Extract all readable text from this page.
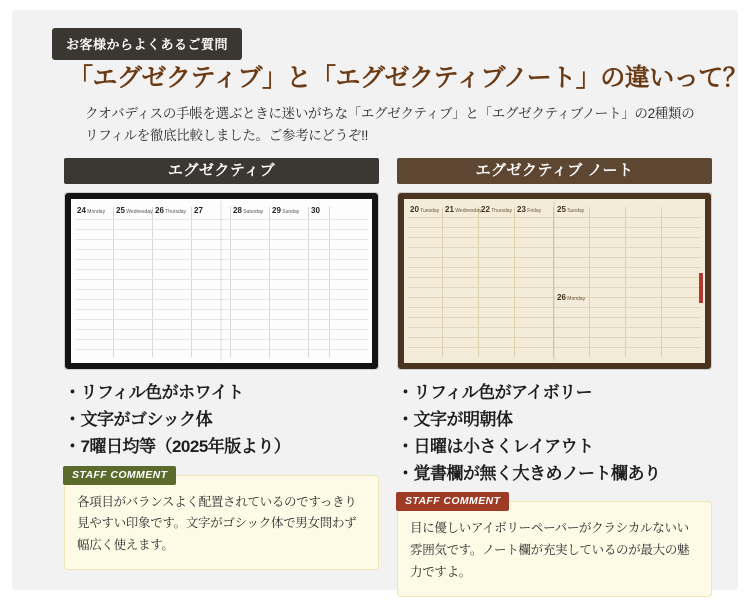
お客様からよくあるご質問
「エグゼクティブ」と「エグゼクティブノート」の違いって？
クオバディスの手帳を選ぶときに迷いがちな「エグゼクティブ」と「エグゼクティブノート」の2種類のリフィルを徹底比較しました。ご参考にどうぞ!!
エグゼクティブ
24 Monday 25 Wednesday 26 Thursday 27	28 Saturday 29 Sunday 30
・リフィル色がホワイト
・文字がゴシック体
・7曜日均等（2025年版より）
STAFF COMMENT
各項目がバランスよく配置されているのですっきり見やすい印象です。文字がゴシック体で男女問わず幅広く使えます。
エグゼクティブ ノート
20 Tuesday 21 Wednesday 22 Thursday 23 Friday 25 Sunday
26 Monday
・リフィル色がアイボリー
・文字が明朝体
・日曜は小さくレイアウト
・覚書欄が無く大きめノート欄あり
STAFF COMMENT
目に優しいアイボリーペーパーがクラシカルないい雰囲気です。ノート欄が充実しているのが最大の魅力ですよ。
